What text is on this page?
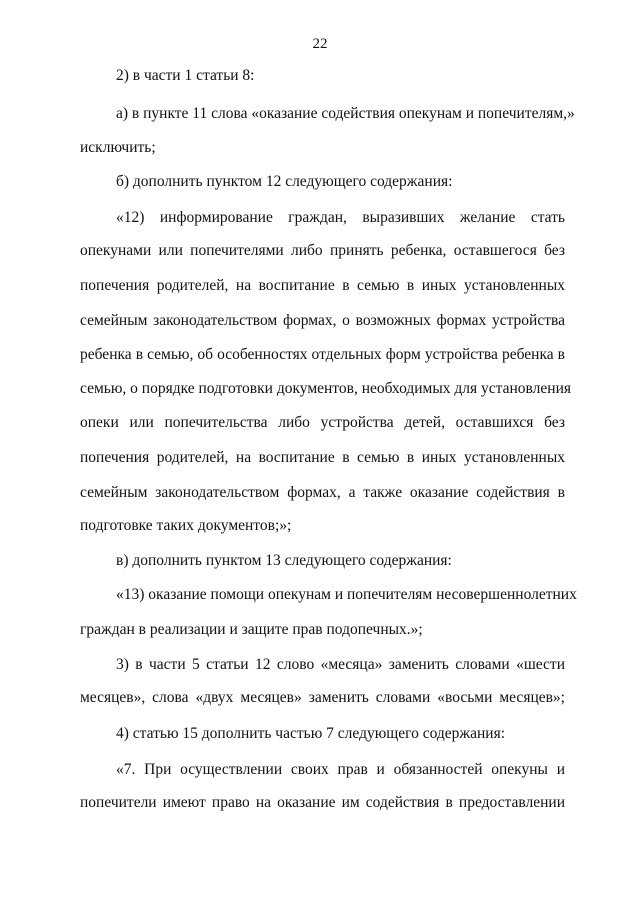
22
2) в части 1 статьи 8:
а) в пункте 11 слова «оказание содействия опекунам и попечителям,»
исключить;
б) дополнить пунктом 12 следующего содержания:
«12) информирование граждан, выразивших желание стать
опекунами или попечителями либо принять ребенка, оставшегося без
попечения родителей, на воспитание в семью в иных установленных
семейным законодательством формах, о возможных формах устройства
ребенка в семью, об особенностях отдельных форм устройства ребенка в
семью, о порядке подготовки документов, необходимых для установления
опеки или попечительства либо устройства детей, оставшихся без
попечения родителей, на воспитание в семью в иных установленных
семейным законодательством формах, а также оказание содействия в
подготовке таких документов;»;
в) дополнить пунктом 13 следующего содержания:
«13) оказание помощи опекунам и попечителям несовершеннолетних
граждан в реализации и защите прав подопечных.»;
3) в части 5 статьи 12 слово «месяца» заменить словами «шести
месяцев», слова «двух месяцев» заменить словами «восьми месяцев»;
4) статью 15 дополнить частью 7 следующего содержания:
«7. При осуществлении своих прав и обязанностей опекуны и
попечители имеют право на оказание им содействия в предоставлении
